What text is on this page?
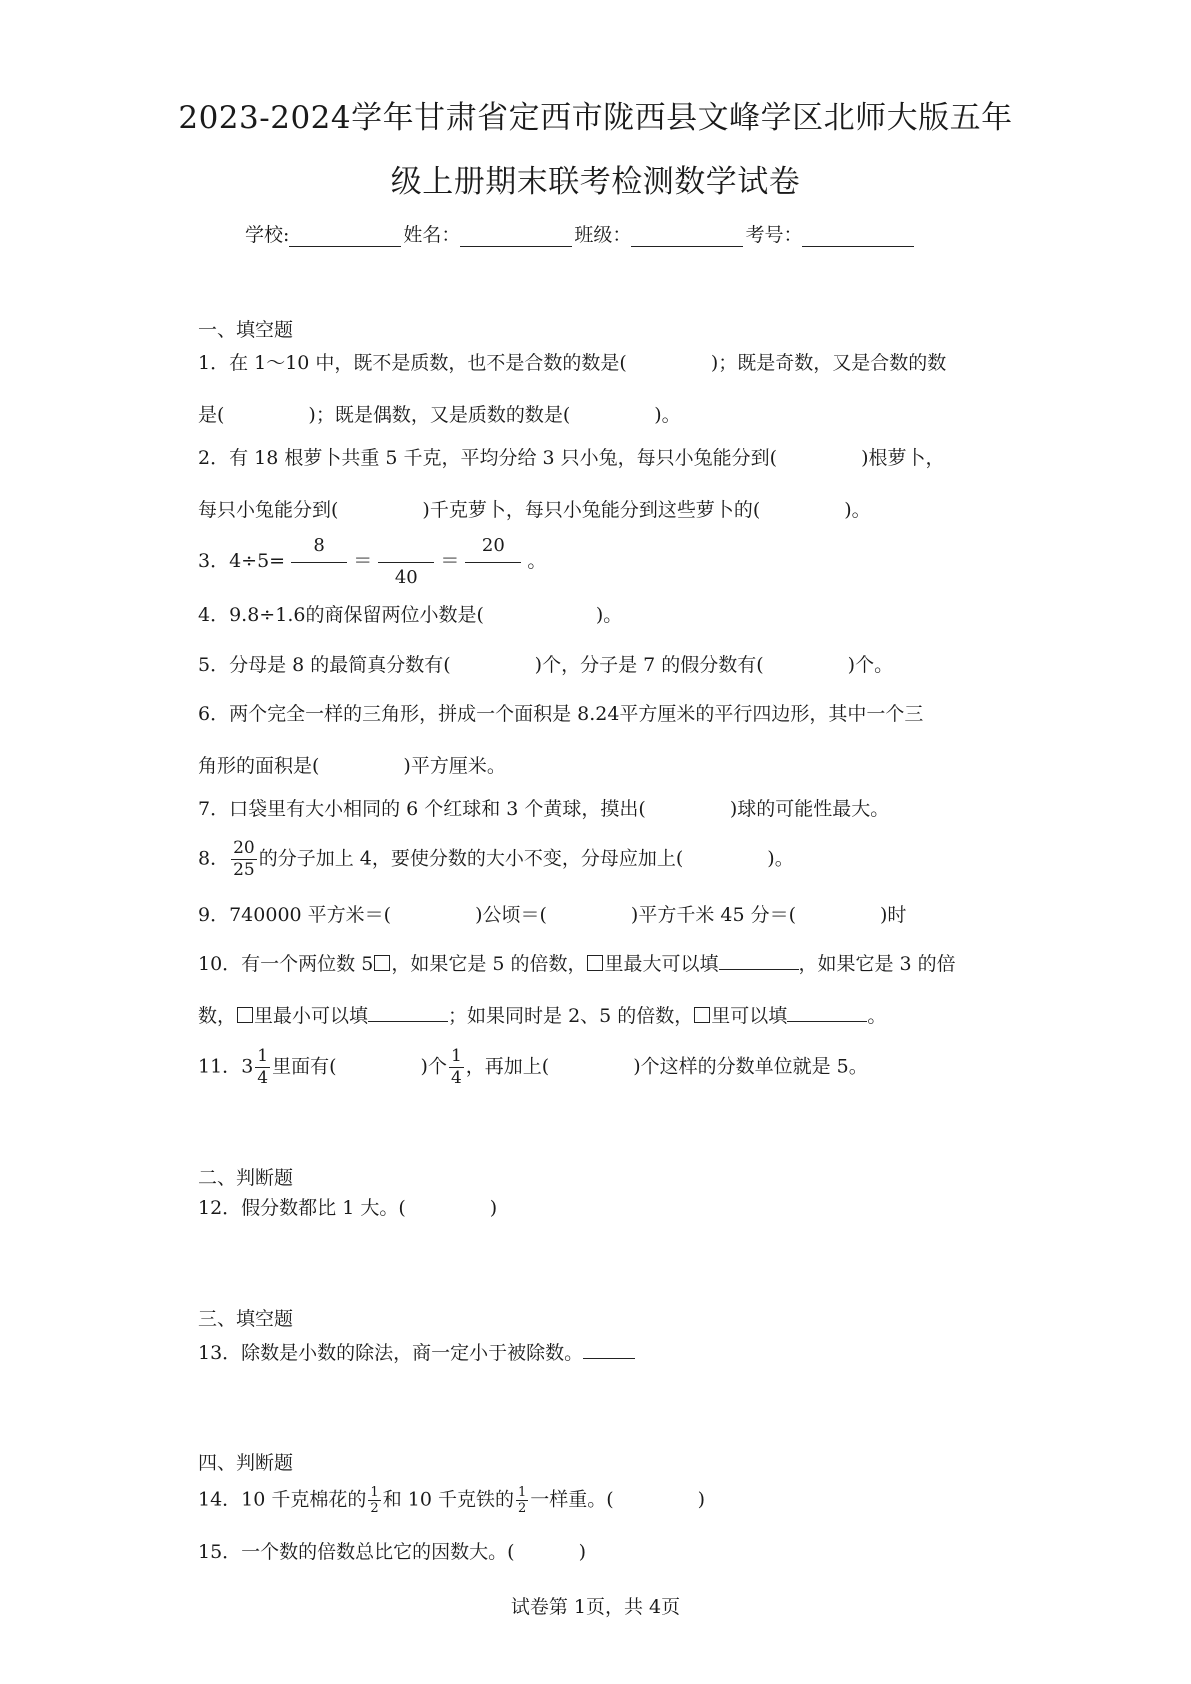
2023-2024学年甘肃省定西市陇西县文峰学区北师大版五年
级上册期末联考检测数学试卷
学校:	姓名：	班级：	考号：
一、填空题
1．在 1～10 中，既不是质数，也不是合数的数是(	)；既是奇数，又是合数的数
是(	)；既是偶数，又是质数的数是(	)。
2．有 18 根萝卜共重 5 千克，平均分给 3 只小兔，每只小兔能分到(	)根萝卜，
每只小兔能分到(	)千克萝卜，每只小兔能分到这些萝卜的(	)。
3．4÷5=
8
＝
40
＝
20
。
4．9.8÷1.6的商保留两位小数是(	)。
5．分母是 8 的最简真分数有(	)个，分子是 7 的假分数有(	)个。
6．两个完全一样的三角形，拼成一个面积是 8.24平方厘米的平行四边形，其中一个三
角形的面积是(	)平方厘米。
7．口袋里有大小相同的 6 个红球和 3 个黄球，摸出(	)球的可能性最大。
8． $\frac{20}{25}$ 的分子加上 4，要使分数的大小不变，分母应加上(	)。
9．740000 平方米＝(	)公顷＝(	)平方千米 45 分＝(	)时
10．有一个两位数 5 ，如果它是 5 的倍数， 里最大可以填	，如果它是 3 的倍
数， 里最小可以填	；如果同时是 2、5 的倍数， 里可以填	。
11．$3 \frac{1}{4}$ 里面有(	)个 $\frac{1}{4}$ ，再加上(	)个这样的分数单位就是 5。
二、判断题
12．假分数都比 1 大。(	)
三、填空题
13．除数是小数的除法，商一定小于被除数。
四、判断题
14．10 千克棉花的 $\frac{1}{2}$ 和 10 千克铁的 $\frac{1}{2}$ 一样重。(	)
15．一个数的倍数总比它的因数大。(	)
试卷第 1页，共 4页
